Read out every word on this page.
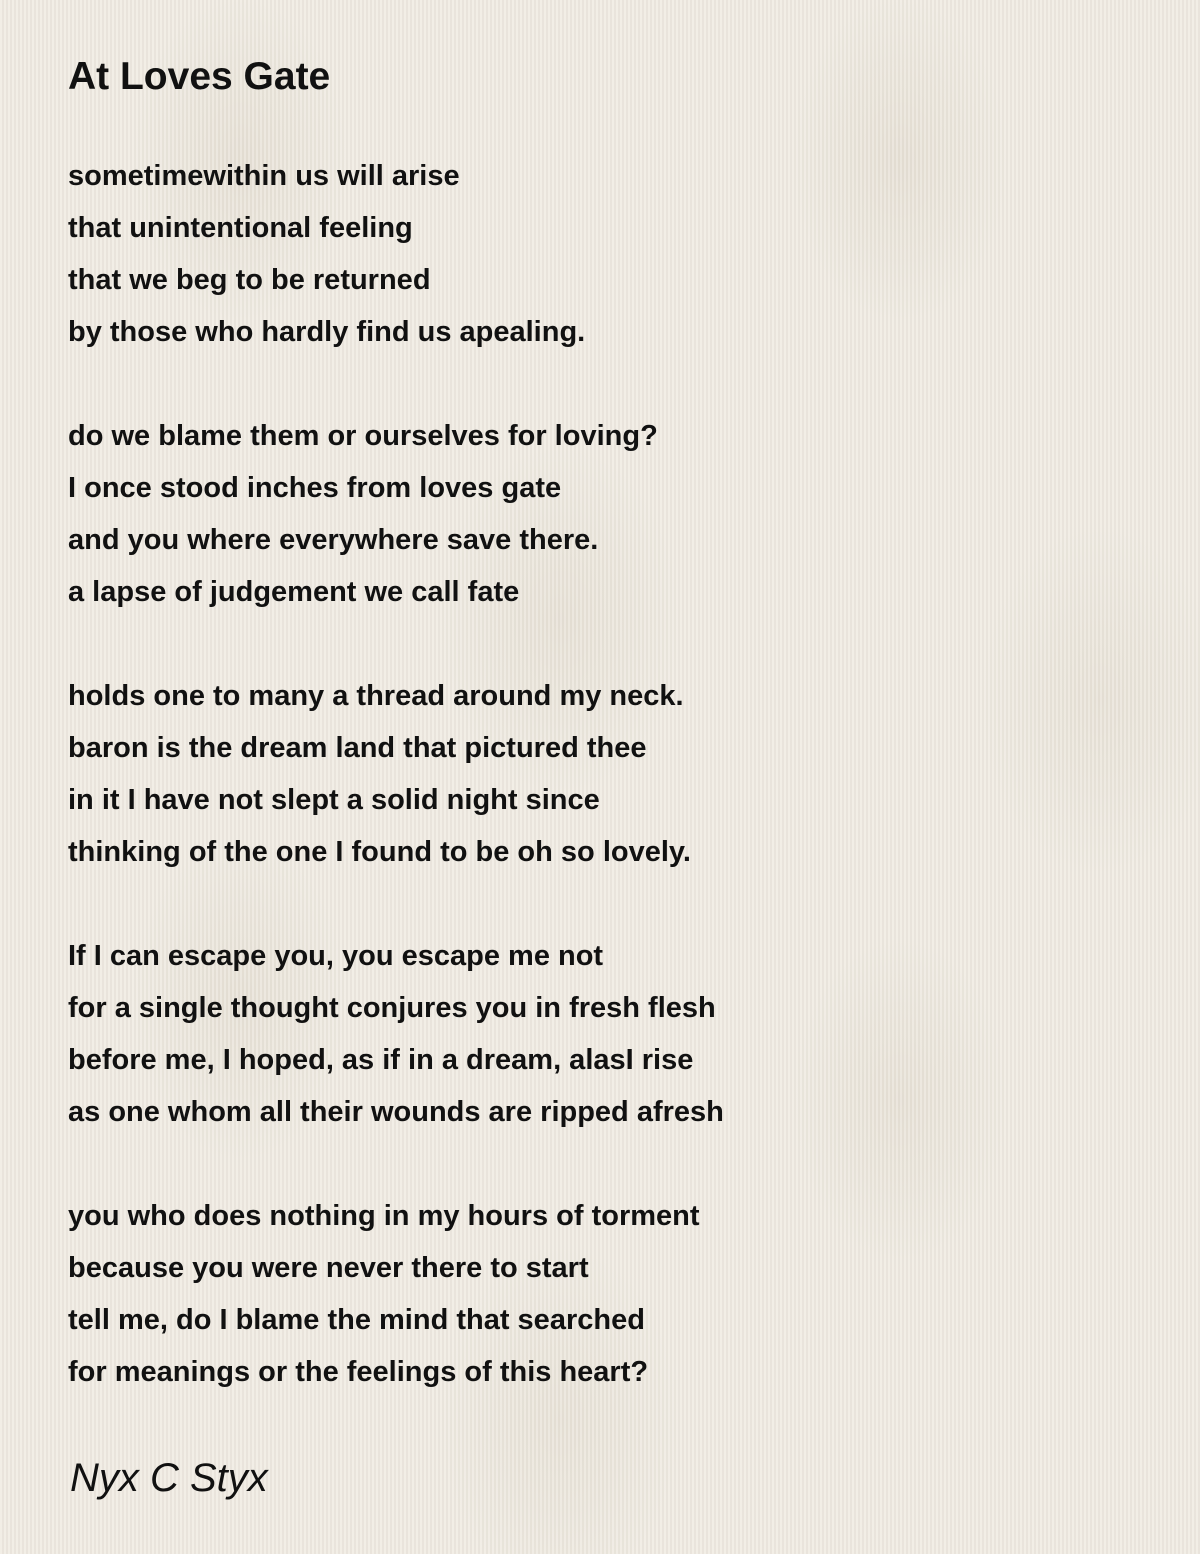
At Loves Gate
sometimewithin us will arise
that unintentional feeling
that we beg to be returned
by those who hardly find us apealing.
do we blame them or ourselves for loving?
I once stood inches from loves gate
and you where everywhere save there.
a lapse of judgement we call fate
holds one to many a thread around my neck.
baron is the dream land that pictured thee
in it I have not slept a solid night since
thinking of the one I found to be oh so lovely.
If I can escape you, you escape me not
for a single thought conjures you in fresh flesh
before me, I hoped, as if in a dream, alasI rise
as one whom all their wounds are ripped afresh
you who does nothing in my hours of torment
because you were never there to start
tell me, do I blame the mind that searched
for meanings or the feelings of this heart?
Nyx C Styx
